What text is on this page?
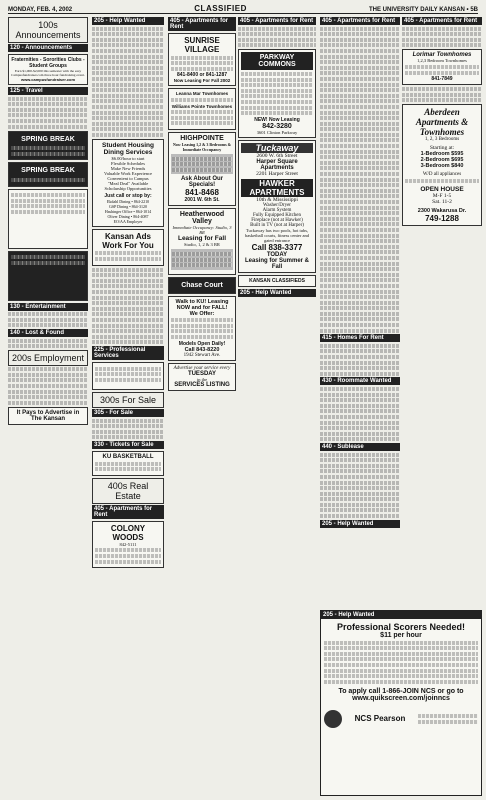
MONDAY, FEB. 4, 2002	CLASSIFIED	THE UNIVERSITY DAILY KANSAN • 5B
100s Announcements
120 - Announcements
Fraternities - Sororities Clubs - Student Groups
Earn $1,000-$2,000 this semester with the easy Campusfundraiser.com three hour fundraising event.
www.campusfundraiser.com
125 - Travel
SPRING BREAK
SPRING BREAK
130 - Entertainment
140 - Lost & Found
200s Employment
It Pays to Advertise in The Kansan
205 - Help Wanted
Student Housing Dining Services
$6.00/hour to start
Flexible Schedules
Make New Friends
Valuable Work Experience
Convenient to Campus
"Meal Deal" Available
Scholarship Opportunities
Just call or stop by:
Ekdahl Dining • 864-2210
GSP Dining • 864-3120
Hashinger Office • 864-1014
Oliver Dining • 864-4087
EO/AA Employer
Kansan Ads Work For You
225 - Professional Services
300s For Sale
305 - For Sale
330 - Tickets for Sale
KU BASKETBALL
400s Real Estate
405 - Apartments for Rent
COLONY WOODS
842-5111
405 - Apartments for Rent
SUNRISE VILLAGE
841-8400 or 841-1287
Now Leasing For Fall 2002
Leanna Mar Townhomes
Williams Pointe Townhomes
HIGHPOINTE
Now Leasing 1,2 & 3 Bedrooms & Immediate Occupancy
Ask About Our Specials!
841-8468
2001 W. 6th St.
Heatherwood Valley
Immediate Occupancy: Studio, 3 BR
Leasing for Fall
Studio, 1, 2 & 3 BR
Chase Court
Walk to KU! Leasing NOW and for FALL!
We Offer:
Models Open Daily!
Call 843-8220
1942 Stewart Ave.
Advertise your service every
TUESDAY
in the
SERVICES LISTING
405 - Apartments for Rent
PARKWAY COMMONS
NEW! Now Leasing
842-3280
3601 Clinton Parkway
Tuckaway
2600 W. 6th Street
Harper Square Apartments
2201 Harper Street
HAWKER APARTMENTS
10th & Mississippi
Washer/Dryer
Alarm System
Fully Equipped Kitchen
Fireplace (not at Hawker)
Built in TV (not at Harper)
Tuckaway has two pools, hot tubs, basketball courts, fitness center and gated entrance
Call 838-3377
TODAY
Leasing for Summer & Fall
KANSAN CLASSIFIEDS
205 - Help Wanted
405 - Apartments for Rent
415 - Homes For Rent
430 - Roommate Wanted
440 - Sublease
205 - Help Wanted
405 - Apartments for Rent
Lorimar Townhomes
1,2,3 Bedroom Townhomes
841-7849
Aberdeen Apartments & Townhomes
1, 2, 3 Bedrooms
Starting at:
1-Bedroom $595
2-Bedroom $695
3-Bedroom $840
W/D all appliances
OPEN HOUSE
M-F 1-5
Sat. 11-2
2300 Wakarusa Dr.
749-1288
205 - Help Wanted
Professional Scorers Needed!
$11 per hour
To apply call 1-866-JOIN NCS or go to www.quikscreen.com/joinncs
NCS Pearson
